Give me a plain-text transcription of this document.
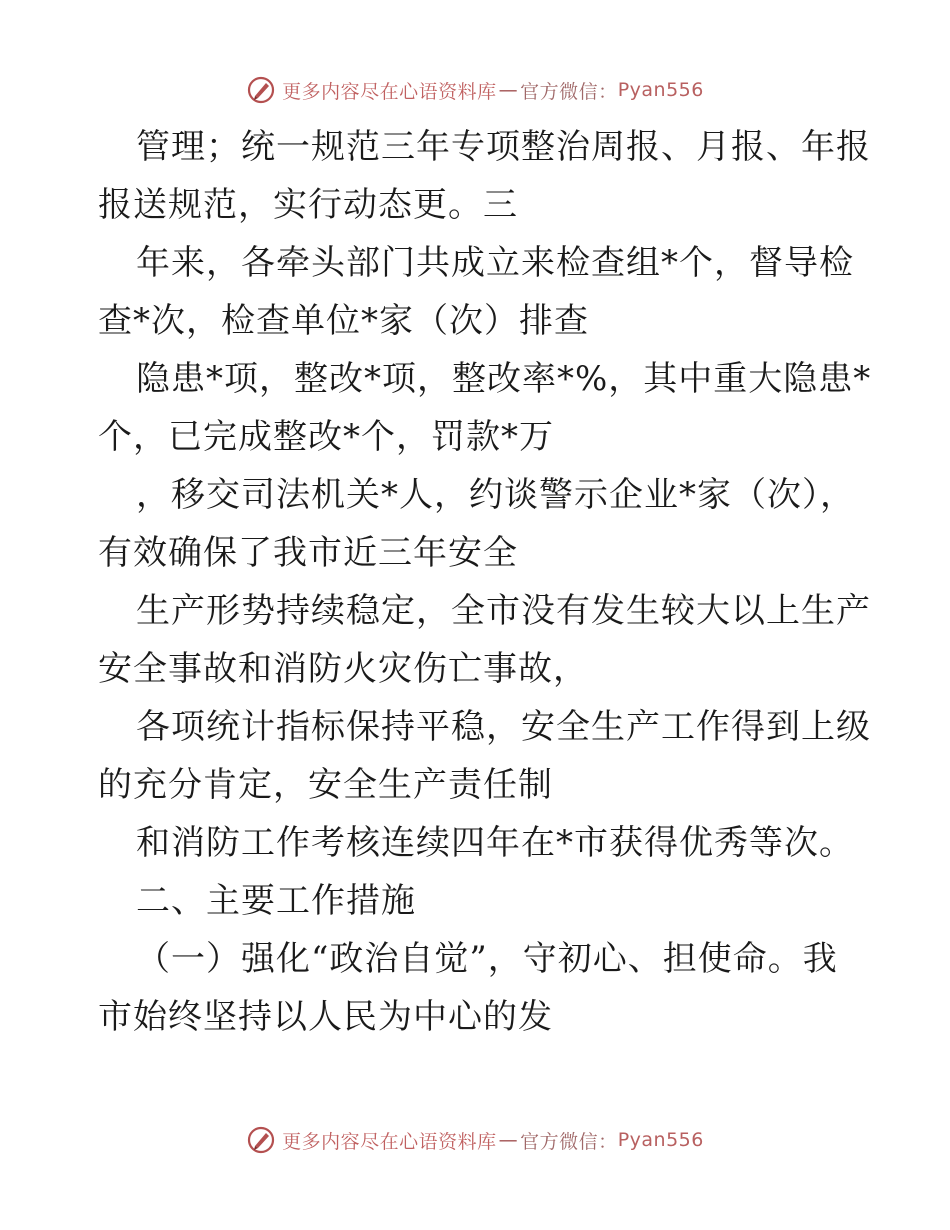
更多内容尽在心语资料库 — 官方微信： Pyan556
管理；统一规范三年专项整治周报、月报、年报
报送规范，实行动态更。三
年来，各牵头部门共成立来检查组*个，督导检
查*次，检查单位*家（次）排查
隐患*项，整改*项，整改率*%，其中重大隐患*
个，已完成整改*个，罚款*万
，移交司法机关*人，约谈警示企业*家（次），
有效确保了我市近三年安全
生产形势持续稳定，全市没有发生较大以上生产
安全事故和消防火灾伤亡事故，
各项统计指标保持平稳，安全生产工作得到上级
的充分肯定，安全生产责任制
和消防工作考核连续四年在*市获得优秀等次。
二、主要工作措施
（一）强化“政治自觉”，守初心、担使命。我
市始终坚持以人民为中心的发
更多内容尽在心语资料库 — 官方微信： Pyan556
